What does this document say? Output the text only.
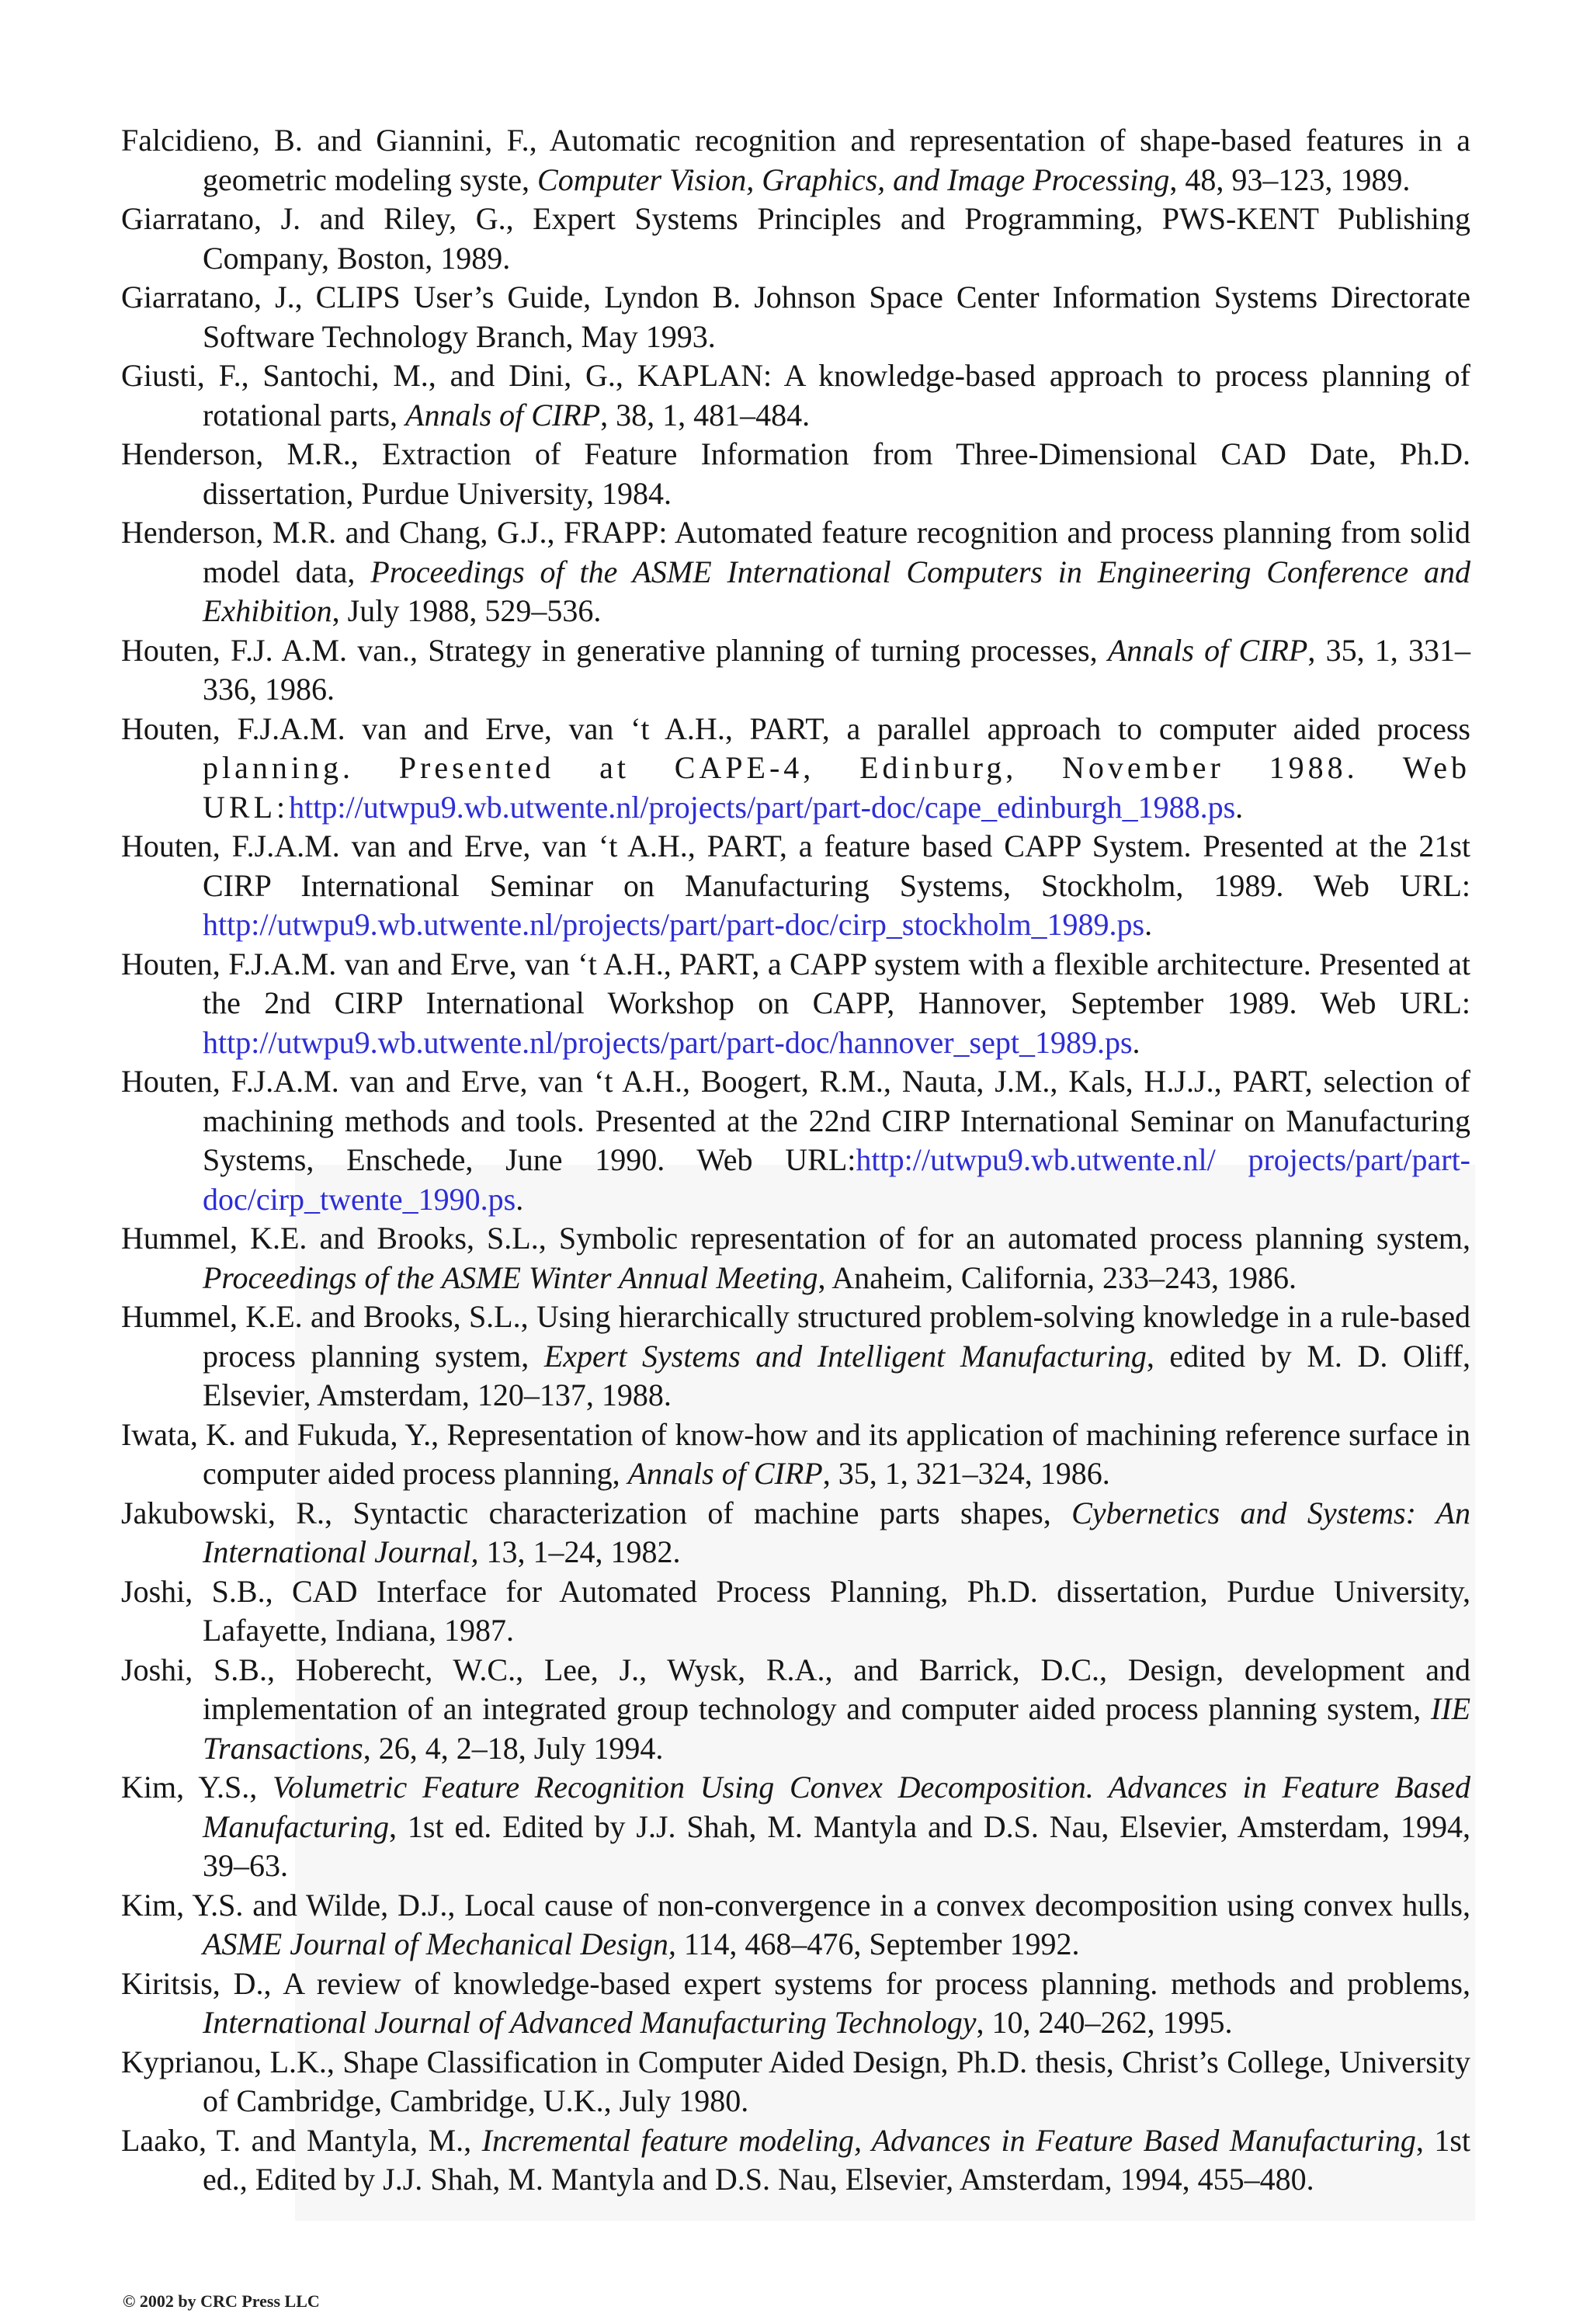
Falcidieno, B. and Giannini, F., Automatic recognition and representation of shape-based features in a geometric modeling syste, Computer Vision, Graphics, and Image Processing, 48, 93–123, 1989.
Giarratano, J. and Riley, G., Expert Systems Principles and Programming, PWS-KENT Publishing Company, Boston, 1989.
Giarratano, J., CLIPS User’s Guide, Lyndon B. Johnson Space Center Information Systems Directorate Software Technology Branch, May 1993.
Giusti, F., Santochi, M., and Dini, G., KAPLAN: A knowledge-based approach to process planning of rotational parts, Annals of CIRP, 38, 1, 481–484.
Henderson, M.R., Extraction of Feature Information from Three-Dimensional CAD Date, Ph.D. dissertation, Purdue University, 1984.
Henderson, M.R. and Chang, G.J., FRAPP: Automated feature recognition and process planning from solid model data, Proceedings of the ASME International Computers in Engineering Conference and Exhibition, July 1988, 529–536.
Houten, F.J. A.M. van., Strategy in generative planning of turning processes, Annals of CIRP, 35, 1, 331–336, 1986.
Houten, F.J.A.M. van and Erve, van ‘t A.H., PART, a parallel approach to computer aided process planning. Presented at CAPE-4, Edinburg, November 1988. Web URL:http://utwpu9.wb.utwente.nl/projects/part/part-doc/cape_edinburgh_1988.ps.
Houten, F.J.A.M. van and Erve, van ‘t A.H., PART, a feature based CAPP System. Presented at the 21st CIRP International Seminar on Manufacturing Systems, Stockholm, 1989. Web URL: http://utwpu9.wb.utwente.nl/projects/part/part-doc/cirp_stockholm_1989.ps.
Houten, F.J.A.M. van and Erve, van ‘t A.H., PART, a CAPP system with a flexible architecture. Presented at the 2nd CIRP International Workshop on CAPP, Hannover, September 1989. Web URL: http://utwpu9.wb.utwente.nl/projects/part/part-doc/hannover_sept_1989.ps.
Houten, F.J.A.M. van and Erve, van ‘t A.H., Boogert, R.M., Nauta, J.M., Kals, H.J.J., PART, selection of machining methods and tools. Presented at the 22nd CIRP International Seminar on Manufacturing Systems, Enschede, June 1990. Web URL:http://utwpu9.wb.utwente.nl/ projects/part/part-doc/cirp_twente_1990.ps.
Hummel, K.E. and Brooks, S.L., Symbolic representation of for an automated process planning system, Proceedings of the ASME Winter Annual Meeting, Anaheim, California, 233–243, 1986.
Hummel, K.E. and Brooks, S.L., Using hierarchically structured problem-solving knowledge in a rule-based process planning system, Expert Systems and Intelligent Manufacturing, edited by M. D. Oliff, Elsevier, Amsterdam, 120–137, 1988.
Iwata, K. and Fukuda, Y., Representation of know-how and its application of machining reference surface in computer aided process planning, Annals of CIRP, 35, 1, 321–324, 1986.
Jakubowski, R., Syntactic characterization of machine parts shapes, Cybernetics and Systems: An International Journal, 13, 1–24, 1982.
Joshi, S.B., CAD Interface for Automated Process Planning, Ph.D. dissertation, Purdue University, Lafayette, Indiana, 1987.
Joshi, S.B., Hoberecht, W.C., Lee, J., Wysk, R.A., and Barrick, D.C., Design, development and implementation of an integrated group technology and computer aided process planning system, IIE Transactions, 26, 4, 2–18, July 1994.
Kim, Y.S., Volumetric Feature Recognition Using Convex Decomposition. Advances in Feature Based Manufacturing, 1st ed. Edited by J.J. Shah, M. Mantyla and D.S. Nau, Elsevier, Amsterdam, 1994, 39–63.
Kim, Y.S. and Wilde, D.J., Local cause of non-convergence in a convex decomposition using convex hulls, ASME Journal of Mechanical Design, 114, 468–476, September 1992.
Kiritsis, D., A review of knowledge-based expert systems for process planning. methods and problems, International Journal of Advanced Manufacturing Technology, 10, 240–262, 1995.
Kyprianou, L.K., Shape Classification in Computer Aided Design, Ph.D. thesis, Christ’s College, University of Cambridge, Cambridge, U.K., July 1980.
Laako, T. and Mantyla, M., Incremental feature modeling, Advances in Feature Based Manufacturing, 1st ed., Edited by J.J. Shah, M. Mantyla and D.S. Nau, Elsevier, Amsterdam, 1994, 455–480.
© 2002 by CRC Press LLC
